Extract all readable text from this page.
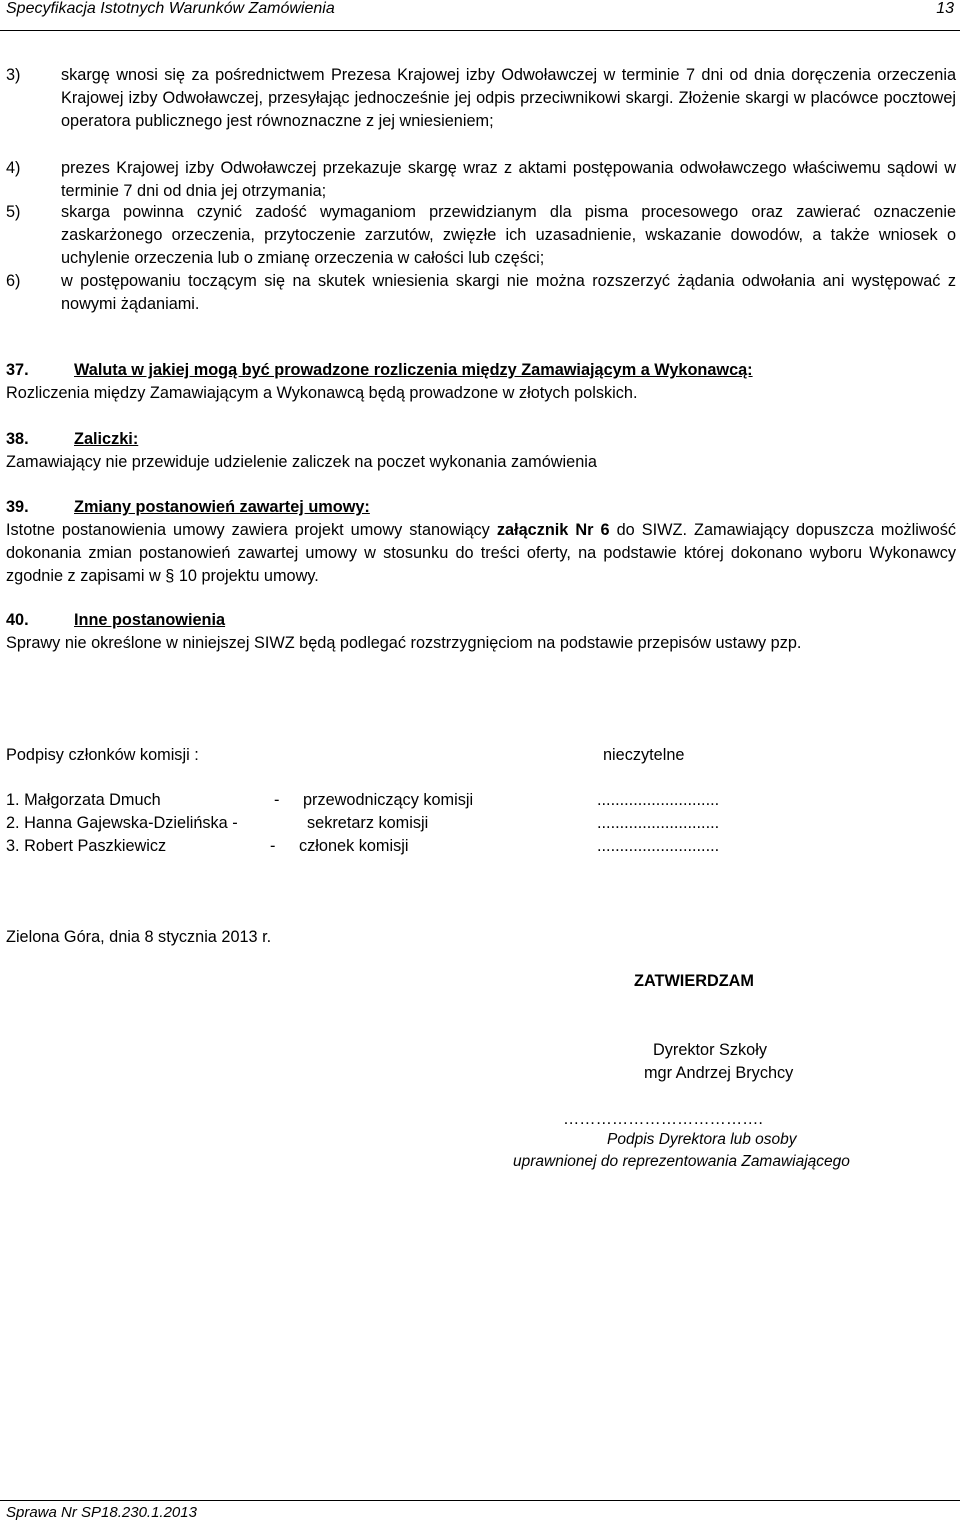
Specyfikacja Istotnych Warunków Zamówienia	13
3) skargę wnosi się za pośrednictwem Prezesa Krajowej izby Odwoławczej w terminie 7 dni od dnia doręczenia orzeczenia Krajowej izby Odwoławczej, przesyłając jednocześnie jej odpis przeciwnikowi skargi. Złożenie skargi w placówce pocztowej operatora publicznego jest równoznaczne z jej wniesieniem;
4) prezes Krajowej izby Odwoławczej przekazuje skargę wraz z aktami postępowania odwoławczego właściwemu sądowi w terminie 7 dni od dnia jej otrzymania;
5) skarga powinna czynić zadość wymaganiom przewidzianym dla pisma procesowego oraz zawierać oznaczenie zaskarżonego orzeczenia, przytoczenie zarzutów, zwięzłe ich uzasadnienie, wskazanie dowodów, a także wniosek o uchylenie orzeczenia lub o zmianę orzeczenia w całości lub części;
6) w postępowaniu toczącym się na skutek wniesienia skargi nie można rozszerzyć żądania odwołania ani występować z nowymi żądaniami.
37.	Waluta w jakiej mogą być prowadzone rozliczenia między Zamawiającym a Wykonawcą:
Rozliczenia między Zamawiającym a Wykonawcą będą prowadzone w złotych polskich.
38.	Zaliczki:
Zamawiający nie przewiduje udzielenie zaliczek na poczet wykonania zamówienia
39.	Zmiany postanowień zawartej umowy:
Istotne postanowienia umowy zawiera projekt umowy stanowiący załącznik Nr 6 do SIWZ. Zamawiający dopuszcza możliwość dokonania zmian postanowień zawartej umowy w stosunku do treści oferty, na podstawie której dokonano wyboru Wykonawcy zgodnie z zapisami w § 10 projektu umowy.
40.	Inne postanowienia
Sprawy nie określone w niniejszej SIWZ będą podlegać rozstrzygnięciom na podstawie przepisów ustawy pzp.
Podpisy członków komisji :	nieczytelne
1. Małgorzata Dmuch	- przewodniczący komisji	...........................
2. Hanna Gajewska-Dzielińska -	sekretarz komisji	...........................
3. Robert Paszkiewicz	- członek komisji	...........................
Zielona Góra, dnia 8 stycznia 2013 r.
ZATWIERDZAM
Dyrektor Szkoły
mgr Andrzej Brychcy
……………………………….
Podpis Dyrektora lub osoby
uprawnionej do reprezentowania Zamawiającego
Sprawa Nr SP18.230.1.2013
